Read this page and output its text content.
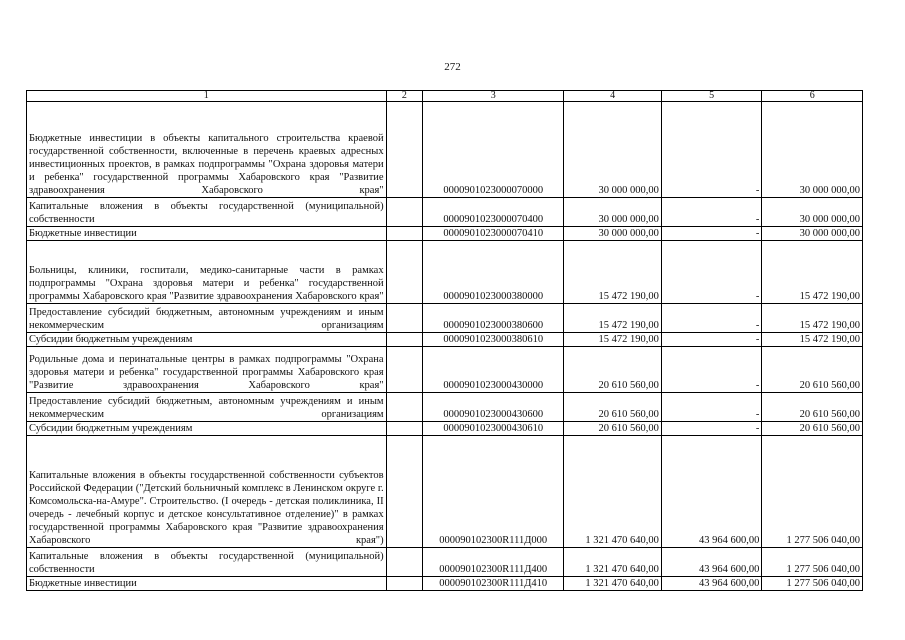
272
1	2	3	4	5	6
Бюджетные инвестиции в объекты капитального строительства краевой государственной собственности, включенные в перечень краевых адресных инвестиционных проектов, в рамках подпрограммы "Охрана здоровья матери и ребенка" государственной программы Хабаровского края "Развитие здравоохранения Хабаровского края"		0000901023000070000	30 000 000,00	-	30 000 000,00
Капитальные вложения в объекты государственной (муниципальной) собственности		0000901023000070400	30 000 000,00	-	30 000 000,00
Бюджетные инвестиции		0000901023000070410	30 000 000,00	-	30 000 000,00
Больницы, клиники, госпитали, медико-санитарные части в рамках подпрограммы "Охрана здоровья матери и ребенка" государственной программы Хабаровского края "Развитие здравоохранения Хабаровского края"		0000901023000380000	15 472 190,00	-	15 472 190,00
Предоставление субсидий бюджетным, автономным учреждениям и иным некоммерческим организациям		0000901023000380600	15 472 190,00	-	15 472 190,00
Субсидии бюджетным учреждениям		0000901023000380610	15 472 190,00	-	15 472 190,00
Родильные дома и перинатальные центры в рамках подпрограммы "Охрана здоровья матери и ребенка" государственной программы Хабаровского края "Развитие здравоохранения Хабаровского края"		0000901023000430000	20 610 560,00	-	20 610 560,00
Предоставление субсидий бюджетным, автономным учреждениям и иным некоммерческим организациям		0000901023000430600	20 610 560,00	-	20 610 560,00
Субсидии бюджетным учреждениям		0000901023000430610	20 610 560,00	-	20 610 560,00
Капитальные вложения в объекты государственной собственности субъектов Российской Федерации ("Детский больничный комплекс в Ленинском округе г. Комсомольска-на-Амуре". Строительство. (I очередь - детская поликлиника, II очередь - лечебный корпус и детское консультативное отделение)" в рамках государственной программы Хабаровского края "Развитие здравоохранения Хабаровского края")		000090102300R111Д000	1 321 470 640,00	43 964 600,00	1 277 506 040,00
Капитальные вложения в объекты государственной (муниципальной) собственности		000090102300R111Д400	1 321 470 640,00	43 964 600,00	1 277 506 040,00
Бюджетные инвестиции		000090102300R111Д410	1 321 470 640,00	43 964 600,00	1 277 506 040,00
